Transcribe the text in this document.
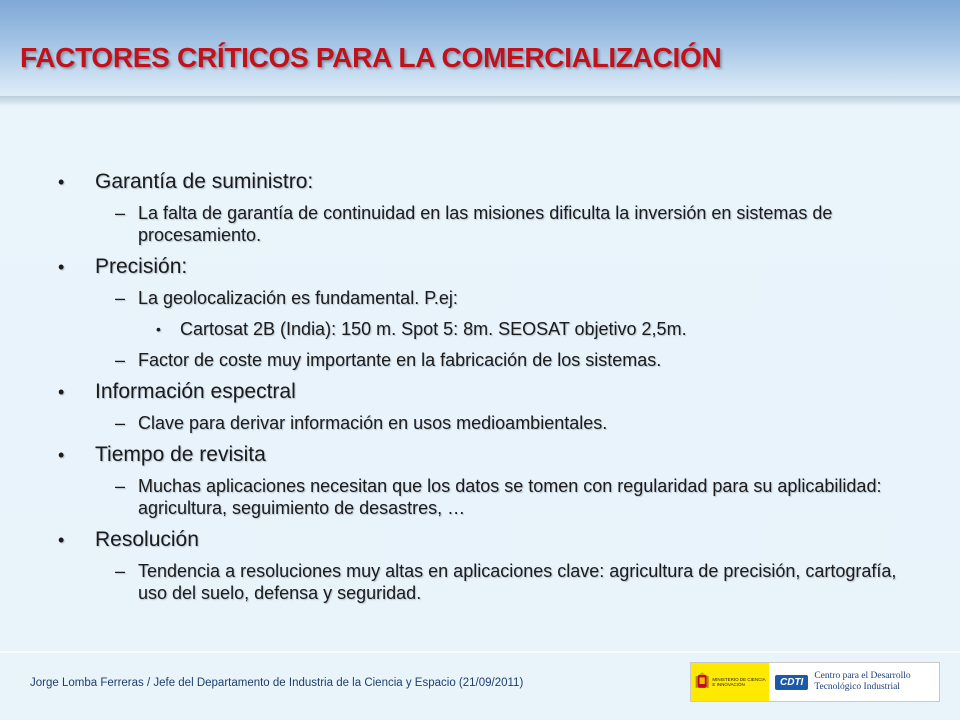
FACTORES CRÍTICOS PARA LA COMERCIALIZACIÓN
• Garantía de suministro:
– La falta de garantía de continuidad en las misiones dificulta la inversión en sistemas de procesamiento.
• Precisión:
– La geolocalización es fundamental. P.ej:
• Cartosat 2B (India): 150 m. Spot 5: 8m. SEOSAT objetivo 2,5m.
– Factor de coste muy importante en la fabricación de los sistemas.
• Información espectral
– Clave para derivar información en usos medioambientales.
• Tiempo de revisita
– Muchas aplicaciones necesitan que los datos se tomen con regularidad para su aplicabilidad: agricultura, seguimiento de desastres, …
• Resolución
– Tendencia a resoluciones muy altas en aplicaciones clave: agricultura de precisión, cartografía, uso del suelo, defensa y seguridad.
Jorge Lomba Ferreras / Jefe del Departamento de Industria de la Ciencia y Espacio (21/09/2011)	MINISTERIO DE CIENCIA E INNOVACIÓN	CDTI
Centro para el Desarrollo
Tecnológico Industrial
